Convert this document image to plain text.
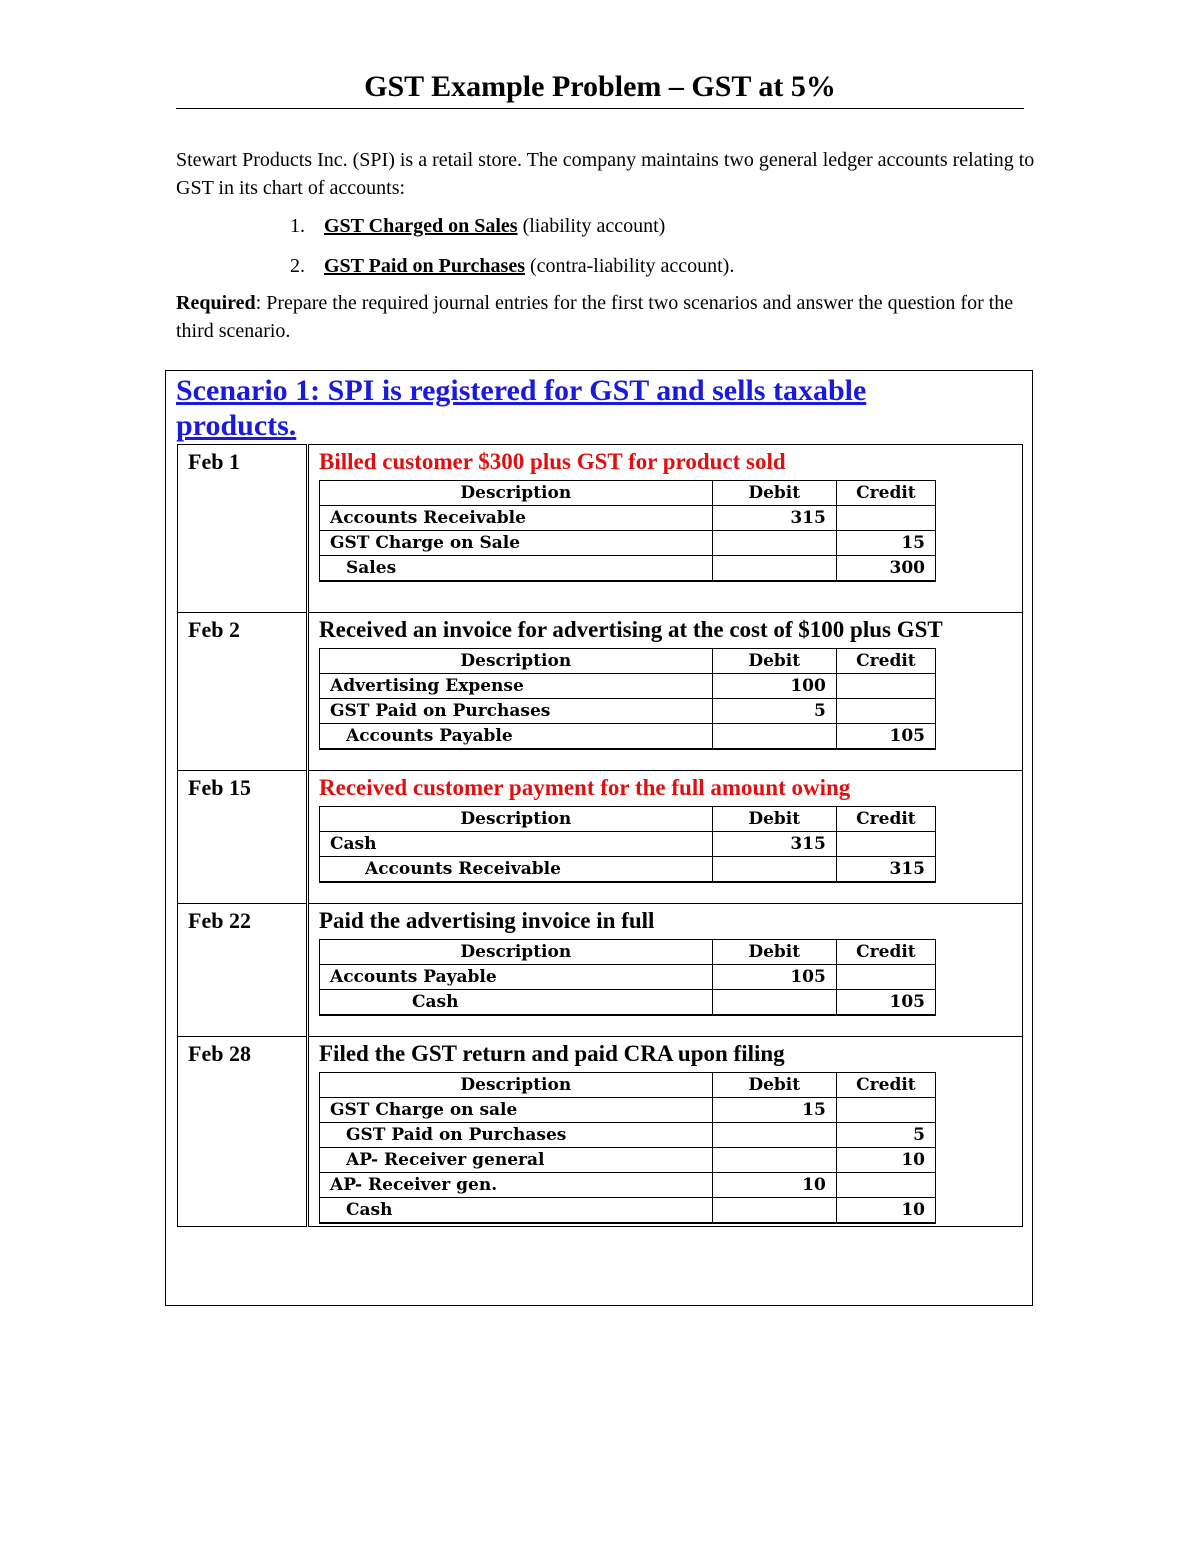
GST Example Problem – GST at 5%
Stewart Products Inc. (SPI) is a retail store. The company maintains two general ledger accounts relating to GST in its chart of accounts:
1. GST Charged on Sales (liability account)
2. GST Paid on Purchases (contra-liability account).
Required: Prepare the required journal entries for the first two scenarios and answer the question for the third scenario.
Scenario 1: SPI is registered for GST and sells taxable products.
Feb 1	Billed customer $300 plus GST for product sold
Description	Debit	Credit
Accounts Receivable	315	
GST Charge on Sale		15
Sales		300

Feb 2	Received an invoice for advertising at the cost of $100 plus GST
Description	Debit	Credit
Advertising Expense	100	
GST Paid on Purchases	5	
Accounts Payable		105

Feb 15	Received customer payment for the full amount owing
Description	Debit	Credit
Cash	315	
Accounts Receivable		315

Feb 22	Paid the advertising invoice in full
Description	Debit	Credit
Accounts Payable	105	
Cash		105

Feb 28	Filed the GST return and paid CRA upon filing
Description	Debit	Credit
GST Charge on sale	15	
GST Paid on Purchases		5
AP- Receiver general		10
AP- Receiver gen.	10	
Cash		10
